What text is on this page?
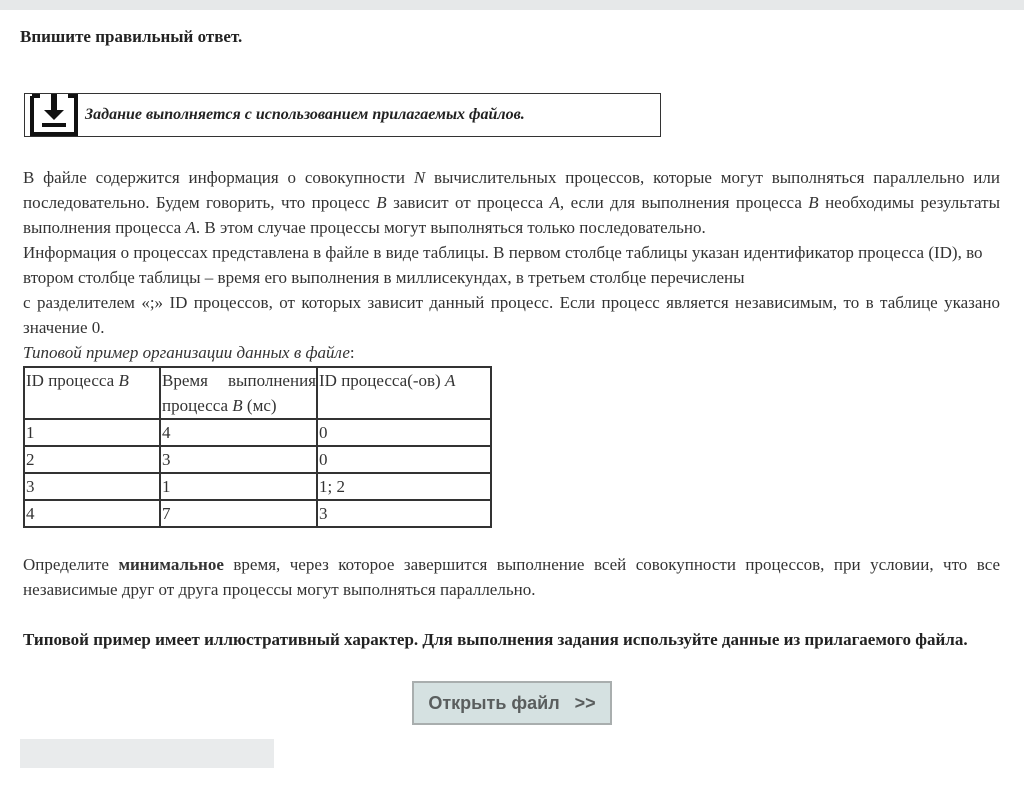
Впишите правильный ответ.
Задание выполняется с использованием прилагаемых файлов.

В файле содержится информация о совокупности N вычислительных процессов, которые могут выполняться параллельно или последовательно. Будем говорить, что процесс B зависит от процесса A, если для выполнения процесса B необходимы результаты выполнения процесса A. В этом случае процессы могут выполняться только последовательно.

Информация о процессах представлена в файле в виде таблицы. В первом столбце таблицы указан идентификатор процесса (ID), во втором столбце таблицы – время его выполнения в миллисекундах, в третьем столбце перечислены

с разделителем «;» ID процессов, от которых зависит данный процесс. Если процесс является независимым, то в таблице указано значение 0.

Типовой пример организации данных в файле:

ID процесса B	Время выполнения процесса B (мс)	ID процесса(-ов) A
1	4	0
2	3	0
3	1	1; 2
4	7	3
Определите минимальное время, через которое завершится выполнение всей совокупности процессов, при условии, что все независимые друг от друга процессы могут выполняться параллельно.
Типовой пример имеет иллюстративный характер. Для выполнения задания используйте данные из прилагаемого файла.
Открыть файл   >>
